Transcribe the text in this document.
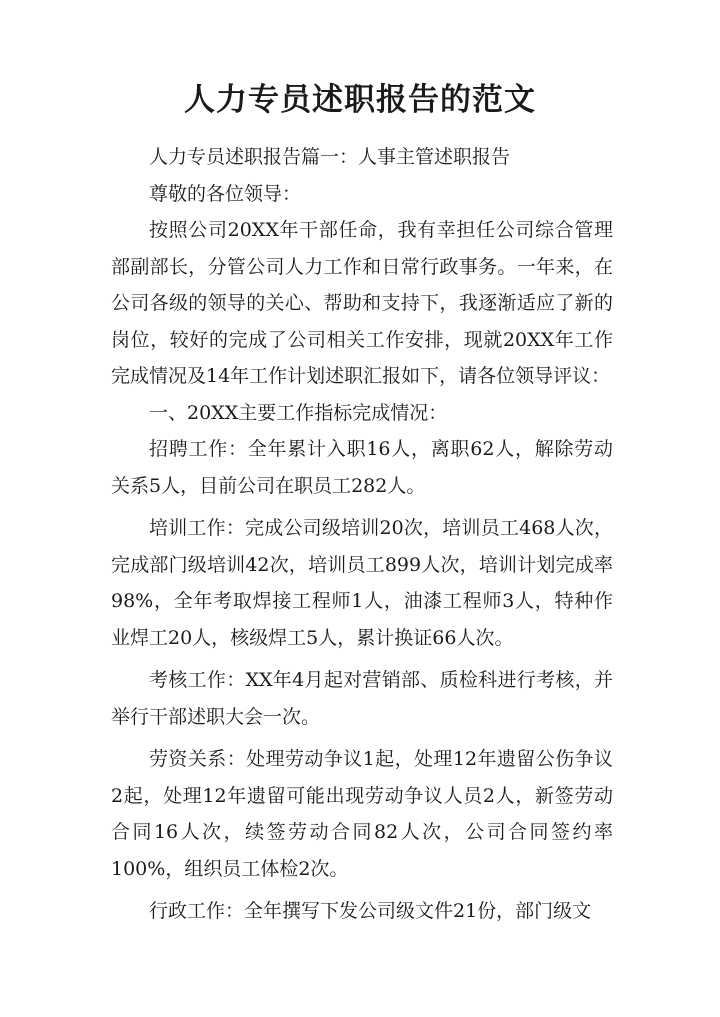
人力专员述职报告的范文

人力专员述职报告篇一：人事主管述职报告

尊敬的各位领导：

按照公司20XX年干部任命，我有幸担任公司综合管理部副部长，分管公司人力工作和日常行政事务。一年来，在公司各级的领导的关心、帮助和支持下，我逐渐适应了新的岗位，较好的完成了公司相关工作安排，现就20XX年工作完成情况及14年工作计划述职汇报如下，请各位领导评议：

一、20XX主要工作指标完成情况：

招聘工作：全年累计入职16人，离职62人，解除劳动关系5人，目前公司在职员工282人。

培训工作：完成公司级培训20次，培训员工468人次，完成部门级培训42次，培训员工899人次，培训计划完成率98%，全年考取焊接工程师1人，油漆工程师3人，特种作业焊工20人，核级焊工5人，累计换证66人次。

考核工作：XX年4月起对营销部、质检科进行考核，并举行干部述职大会一次。

劳资关系：处理劳动争议1起，处理12年遗留公伤争议2起，处理12年遗留可能出现劳动争议人员2人，新签劳动合同16人次，续签劳动合同82人次，公司合同签约率100%，组织员工体检2次。

行政工作：全年撰写下发公司级文件21份，部门级文
